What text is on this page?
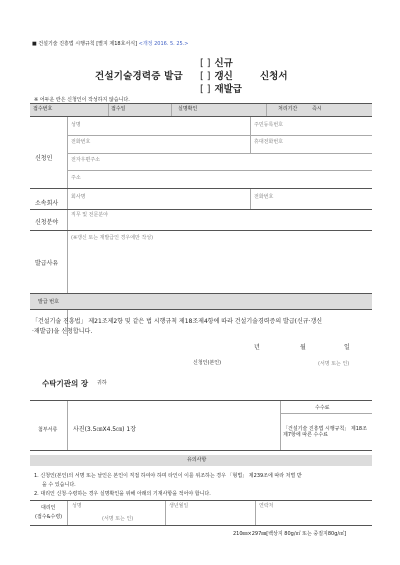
■ 건설기술 진흥법 시행규칙 [별지 제18호서식] <개정 2016. 5. 25.>
[ ] 신규
건설기술경력증 발급 [ ] 갱신	신청서
[ ] 재발급
※ 어두운 란은 신청인이 작성하지 않습니다.
접수번호	접수일	실명확인	처리기간	즉시
신청인
성명	주민등록번호
전화번호	휴대전화번호
전자우편주소
주소
소속회사
회사명	전화번호
신청분야
직무 및 전문분야
발급사유
(※갱신 또는 재발급인 경우에만 작성)
발급 번호
「건설기술 진흥법」 제21조제2항 및 같은 법 시행규칙 제18조제4항에 따라 건설기술경력증의 발급(신규·갱신
·재발급)을 신청합니다.
년	월	일
신청인(본인)	(서명 또는 인)
수탁기관의 장 귀하
첨부서류	사진(3.5㎝X4.5㎝) 1장
수수료
「건설기술 진흥법 시행규칙」 제18조제7항에 따른 수수료
유의사항
1. 신청인(본인)의 서명 또는 날인은 본인이 직접 하여야 하며 타인이 이를 위조하는 경우 「형법」 제239조에 따라 처벌 받
을 수 있습니다.
2. 대리인 신청·수령하는 경우 실명확인을 위해 아래의 기재사항을 적어야 합니다.
대리인
(접수&수령)
성명
(서명 또는 인)
생년월일	연락처
210㎜×297㎜[백상지 80g/㎡ 또는 중질지80g/㎡]
